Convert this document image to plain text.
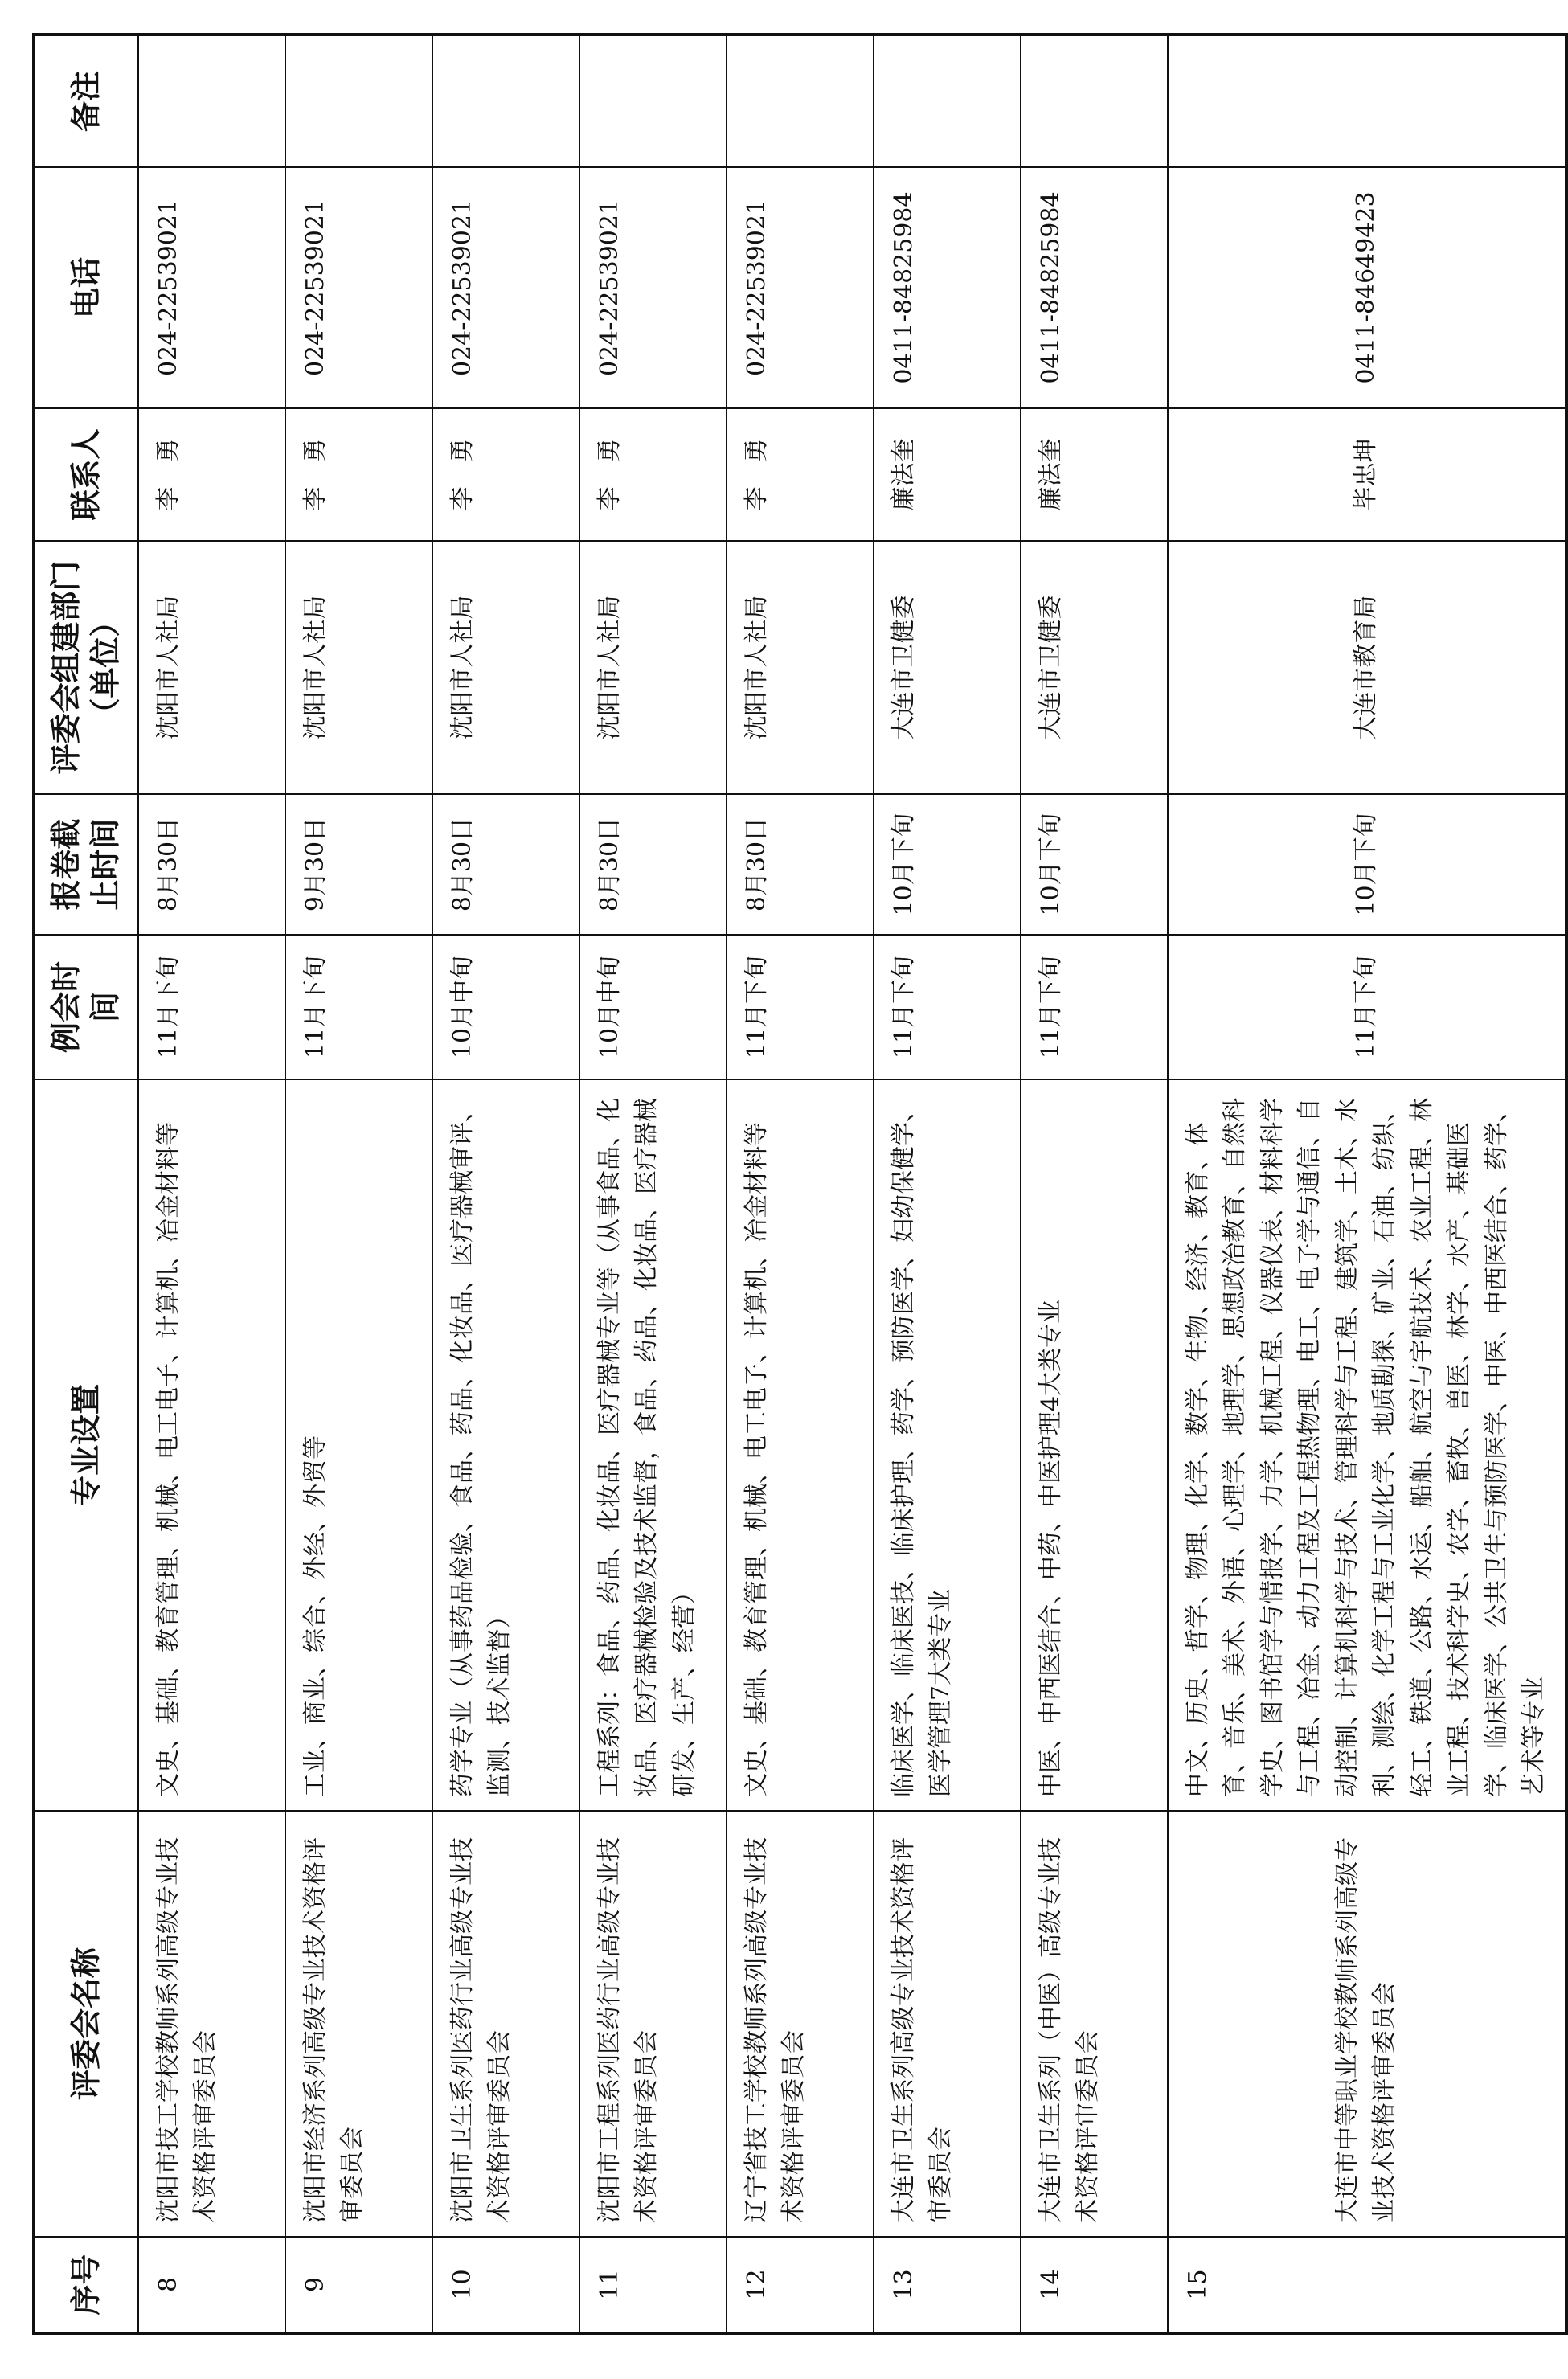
序号	评委会名称	专业设置	例会时间	报卷截止时间	评委会组建部门（单位）	联系人	电话	备注
8	沈阳市技工学校教师系列高级专业技术资格评审委员会	文史、基础、教育管理、机械、电工电子、计算机、冶金材料等	11月下旬	8月30日	沈阳市人社局	李　勇	024-22539021	
9	沈阳市经济系列高级专业技术资格评审委员会	工业、商业、综合、外经、外贸等	11月下旬	9月30日	沈阳市人社局	李　勇	024-22539021	
10	沈阳市卫生系列医药行业高级专业技术资格评审委员会	药学专业（从事药品检验、食品、药品、化妆品、医疗器械审评、监测、技术监督）	10月中旬	8月30日	沈阳市人社局	李　勇	024-22539021	
11	沈阳市工程系列医药行业高级专业技术资格评审委员会	工程系列：食品、药品、化妆品、医疗器械专业等（从事食品、化妆品、医疗器械检验及技术监督，食品、药品、化妆品、医疗器械研发、生产、经营）	10月中旬	8月30日	沈阳市人社局	李　勇	024-22539021	
12	辽宁省技工学校教师系列高级专业技术资格评审委员会	文史、基础、教育管理、机械、电工电子、计算机、冶金材料等	11月下旬	8月30日	沈阳市人社局	李　勇	024-22539021	
13	大连市卫生系列高级专业技术资格评审委员会	临床医学、临床医技、临床护理、药学、预防医学、妇幼保健学、医学管理7大类专业	11月下旬	10月下旬	大连市卫健委	廉法奎	0411-84825984	
14	大连市卫生系列（中医）高级专业技术资格评审委员会	中医、中西医结合、中药、中医护理4大类专业	11月下旬	10月下旬	大连市卫健委	廉法奎	0411-84825984	
15	大连市中等职业学校教师系列高级专业技术资格评审委员会	中文、历史、哲学、物理、化学、数学、生物、经济、教育、体育、音乐、美术、外语、心理学、地理学、思想政治教育、自然科学史、图书馆学与情报学、力学、机械工程、仪器仪表、材料科学与工程、冶金、动力工程及工程热物理、电工、电子学与通信、自动控制、计算机科学与技术、管理科学与工程、建筑学、土木、水利、测绘、化学工程与工业化学、地质勘探、矿业、石油、纺织、轻工、铁道、公路、水运、船舶、航空与宇航技术、农业工程、林业工程、技术科学史、农学、畜牧、兽医、林学、水产、基础医学、临床医学、公共卫生与预防医学、中医、中西医结合、药学、艺术等专业	11月下旬	10月下旬	大连市教育局	毕忠坤	0411-84649423	
